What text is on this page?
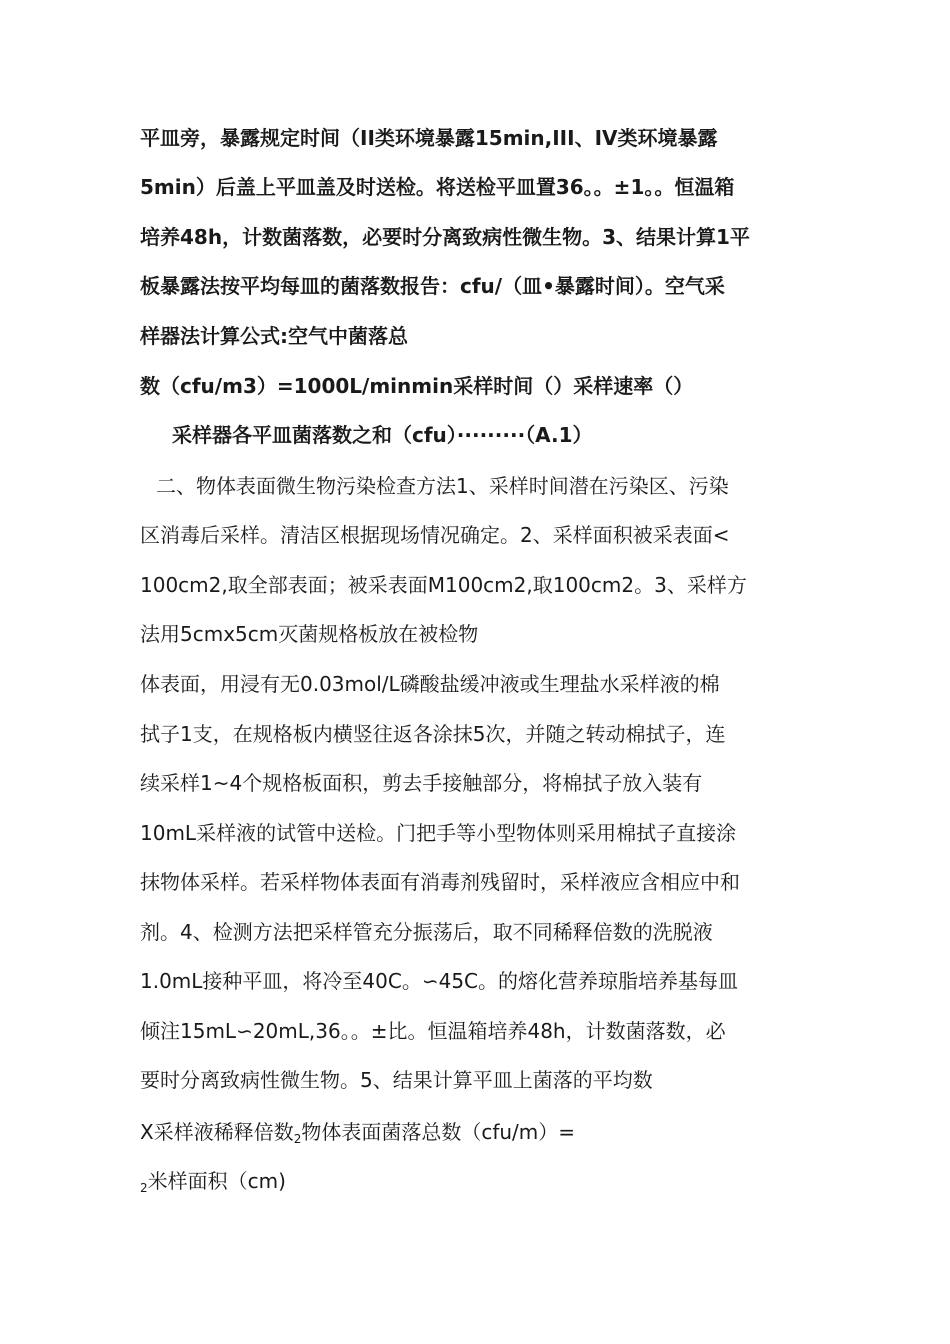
平皿旁，暴露规定时间（II类环境暴露15min,III、IV类环境暴露
5min）后盖上平皿盖及时送检。将送检平皿置36。。±1。。恒温箱
培养48h，计数菌落数，必要时分离致病性微生物。3、结果计算1平
板暴露法按平均每皿的菌落数报告：cfu/（皿•暴露时间）。空气采
样器法计算公式:空气中菌落总
数（cfu/m3）=1000L/minmin采样时间（）采样速率（）
采样器各平皿菌落数之和（cfu）·········（A.1）
二、物体表面微生物污染检查方法1、采样时间潜在污染区、污染
区消毒后采样。清洁区根据现场情况确定。2、采样面积被采表面<
100cm2,取全部表面；被采表面M100cm2,取100cm2。3、采样方
法用5cmx5cm灭菌规格板放在被检物
体表面，用浸有无0.03mol/L磷酸盐缓冲液或生理盐水采样液的棉
拭子1支，在规格板内横竖往返各涂抹5次，并随之转动棉拭子，连
续采样1~4个规格板面积，剪去手接触部分，将棉拭子放入装有
10mL采样液的试管中送检。门把手等小型物体则采用棉拭子直接涂
抹物体采样。若采样物体表面有消毒剂残留时，采样液应含相应中和
剂。4、检测方法把采样管充分振荡后，取不同稀释倍数的洗脱液
1.0mL接种平皿，将冷至40C。∽45C。的熔化营养琼脂培养基每皿
倾注15mL∽20mL,36。。±比。恒温箱培养48h，计数菌落数，必
要时分离致病性微生物。5、结果计算平皿上菌落的平均数
X采样液稀释倍数$_2$物体表面菌落总数（cfu/m）=
$_2$米样面积（cm)
